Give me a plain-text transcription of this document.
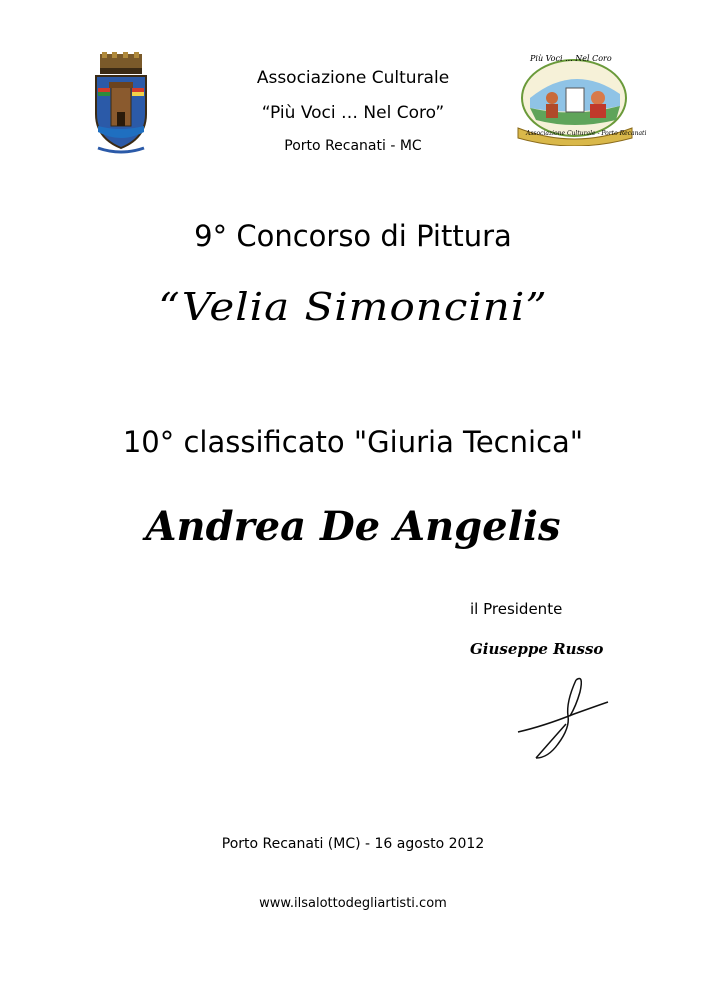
Più Voci ... Nel Coro
Associazione Culturale - Porto Recanati
Associazione Culturale
“Più Voci … Nel Coro”
Porto Recanati - MC
9° Concorso di Pittura
“Velia Simoncini”
10° classificato "Giuria Tecnica"
Andrea De Angelis
il Presidente
Giuseppe Russo
Porto Recanati (MC) - 16 agosto 2012
www.ilsalottodegliartisti.com
